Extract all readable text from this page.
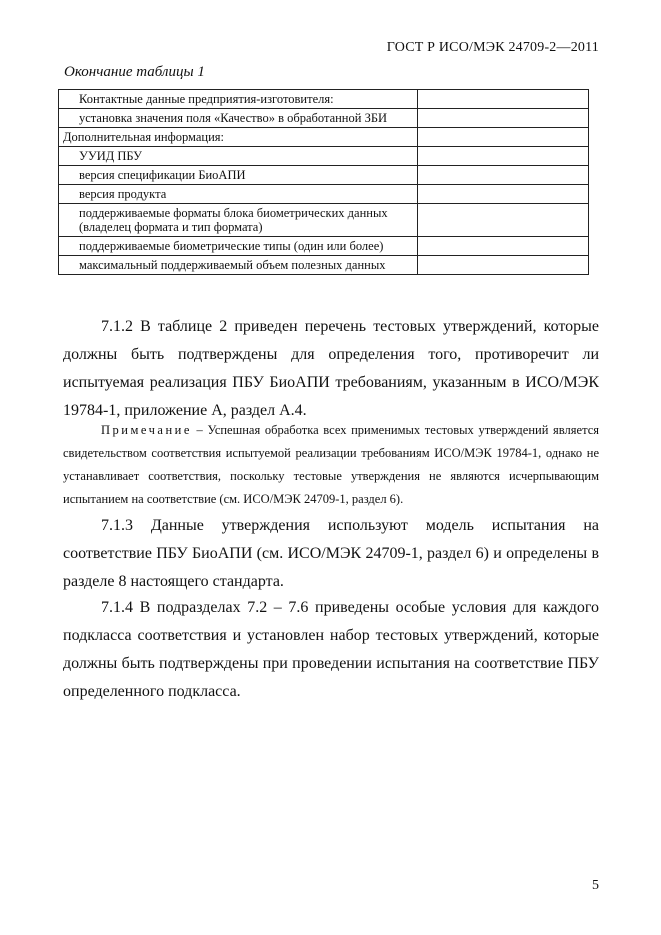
ГОСТ Р ИСО/МЭК 24709-2—2011
Окончание таблицы 1
Контактные данные предприятия-изготовителя:	
установка значения поля «Качество» в обработанной ЗБИ	
Дополнительная информация:	
УУИД ПБУ	
версия спецификации БиоАПИ	
версия продукта	
поддерживаемые форматы блока биометрических данных (владелец формата и тип формата)	
поддерживаемые биометрические типы (один или более)	
максимальный поддерживаемый объем полезных данных	

7.1.2 В таблице 2 приведен перечень тестовых утверждений, которые должны быть подтверждены для определения того, противоречит ли испытуемая реализация ПБУ БиоАПИ требованиям, указанным в ИСО/МЭК 19784-1, приложение А, раздел А.4.

Примечание – Успешная обработка всех применимых тестовых утверждений является свидетельством соответствия испытуемой реализации требованиям ИСО/МЭК 19784-1, однако не устанавливает соответствия, поскольку тестовые утверждения не являются исчерпывающим испытанием на соответствие (см. ИСО/МЭК 24709-1, раздел 6).

7.1.3 Данные утверждения используют модель испытания на соответствие ПБУ БиоАПИ (см. ИСО/МЭК 24709-1, раздел 6) и определены в разделе 8 настоящего стандарта.

7.1.4 В подразделах 7.2 – 7.6 приведены особые условия для каждого подкласса соответствия и установлен набор тестовых утверждений, которые должны быть подтверждены при проведении испытания на соответствие ПБУ определенного подкласса.

5
